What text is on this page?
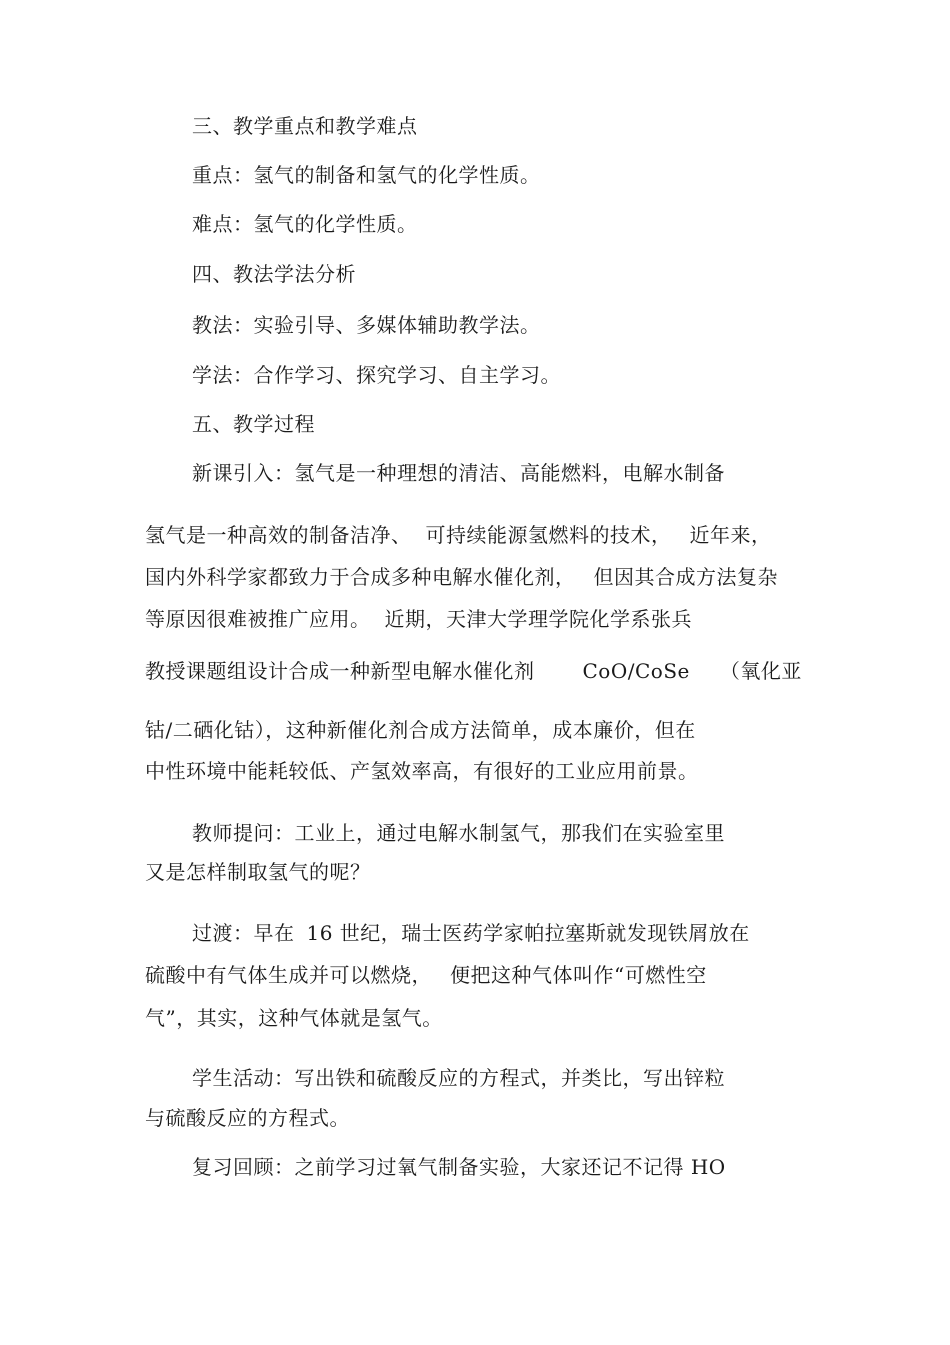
三、教学重点和教学难点
重点：氢气的制备和氢气的化学性质。
难点：氢气的化学性质。
四、教法学法分析
教法：实验引导、多媒体辅助教学法。
学法：合作学习、探究学习、自主学习。
五、教学过程
新课引入：氢气是一种理想的清洁、高能燃料，电解水制备
氢气是一种高效的制备洁净、 可持续能源氢燃料的技术， 近年来，
国内外科学家都致力于合成多种电解水催化剂， 但因其合成方法复杂
等原因很难被推广应用。 近期，天津大学理学院化学系张兵
教授课题组设计合成一种新型电解水催化剂 CoO/CoSe （氧化亚
钴/二硒化钴），这种新催化剂合成方法简单，成本廉价，但在
中性环境中能耗较低、产氢效率高，有很好的工业应用前景。
教师提问：工业上，通过电解水制氢气，那我们在实验室里
又是怎样制取氢气的呢？
过渡：早在 16 世纪，瑞士医药学家帕拉塞斯就发现铁屑放在
硫酸中有气体生成并可以燃烧， 便把这种气体叫作“可燃性空
气”，其实，这种气体就是氢气。
学生活动：写出铁和硫酸反应的方程式，并类比，写出锌粒
与硫酸反应的方程式。
复习回顾：之前学习过氧气制备实验，大家还记不记得 HO
